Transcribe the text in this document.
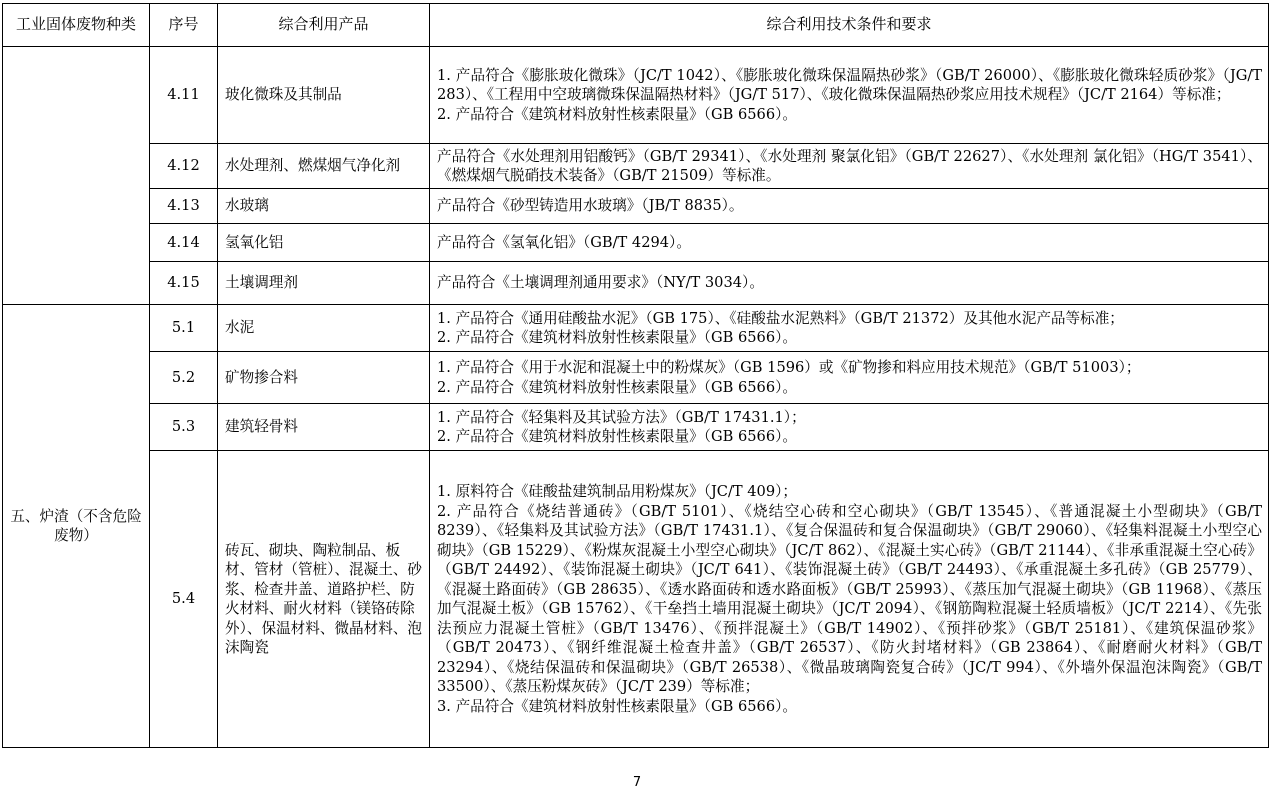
工业固体废物种类	序号	综合利用产品	综合利用技术条件和要求
	4.11	玻化微珠及其制品	1. 产品符合《膨胀玻化微珠》（JC/T 1042）、《膨胀玻化微珠保温隔热砂浆》（GB/T 26000）、《膨胀玻化微珠轻质砂浆》（JG/T 283）、《工程用中空玻璃微珠保温隔热材料》（JG/T 517）、《玻化微珠保温隔热砂浆应用技术规程》（JC/T 2164）等标准；
2. 产品符合《建筑材料放射性核素限量》（GB 6566）。

	4.12	水处理剂、燃煤烟气净化剂	产品符合《水处理剂用铝酸钙》（GB/T 29341）、《水处理剂 聚氯化铝》（GB/T 22627）、《水处理剂 氯化铝》（HG/T 3541）、《燃煤烟气脱硝技术装备》（GB/T 21509）等标准。

	4.13	水玻璃	产品符合《砂型铸造用水玻璃》（JB/T 8835）。

	4.14	氢氧化铝	产品符合《氢氧化铝》（GB/T 4294）。

	4.15	土壤调理剂	产品符合《土壤调理剂通用要求》（NY/T 3034）。

五、炉渣（不含危险废物）	5.1	水泥	1. 产品符合《通用硅酸盐水泥》（GB 175）、《硅酸盐水泥熟料》（GB/T 21372）及其他水泥产品等标准；
2. 产品符合《建筑材料放射性核素限量》（GB 6566）。

	5.2	矿物掺合料	1. 产品符合《用于水泥和混凝土中的粉煤灰》（GB 1596）或《矿物掺和料应用技术规范》（GB/T 51003）；
2. 产品符合《建筑材料放射性核素限量》（GB 6566）。

	5.3	建筑轻骨料	1. 产品符合《轻集料及其试验方法》（GB/T 17431.1）；
2. 产品符合《建筑材料放射性核素限量》（GB 6566）。

	5.4	砖瓦、砌块、陶粒制品、板材、管材（管桩）、混凝土、砂浆、检查井盖、道路护栏、防火材料、耐火材料（镁铬砖除外）、保温材料、微晶材料、泡沫陶瓷	1. 原料符合《硅酸盐建筑制品用粉煤灰》（JC/T 409）；
2. 产品符合《烧结普通砖》（GB/T 5101）、《烧结空心砖和空心砌块》（GB/T 13545）、《普通混凝土小型砌块》（GB/T 8239）、《轻集料及其试验方法》（GB/T 17431.1）、《复合保温砖和复合保温砌块》（GB/T 29060）、《轻集料混凝土小型空心砌块》（GB 15229）、《粉煤灰混凝土小型空心砌块》（JC/T 862）、《混凝土实心砖》（GB/T 21144）、《非承重混凝土空心砖》（GB/T 24492）、《装饰混凝土砌块》（JC/T 641）、《装饰混凝土砖》（GB/T 24493）、《承重混凝土多孔砖》（GB 25779）、《混凝土路面砖》（GB 28635）、《透水路面砖和透水路面板》（GB/T 25993）、《蒸压加气混凝土砌块》（GB 11968）、《蒸压加气混凝土板》（GB 15762）、《干垒挡土墙用混凝土砌块》（JC/T 2094）、《钢筋陶粒混凝土轻质墙板》（JC/T 2214）、《先张法预应力混凝土管桩》（GB/T 13476）、《预拌混凝土》（GB/T 14902）、《预拌砂浆》（GB/T 25181）、《建筑保温砂浆》（GB/T 20473）、《钢纤维混凝土检查井盖》（GB/T 26537）、《防火封堵材料》（GB 23864）、《耐磨耐火材料》（GB/T 23294）、《烧结保温砖和保温砌块》（GB/T 26538）、《微晶玻璃陶瓷复合砖》（JC/T 994）、《外墙外保温泡沫陶瓷》（GB/T 33500）、《蒸压粉煤灰砖》（JC/T 239）等标准；
3. 产品符合《建筑材料放射性核素限量》（GB 6566）。
7
